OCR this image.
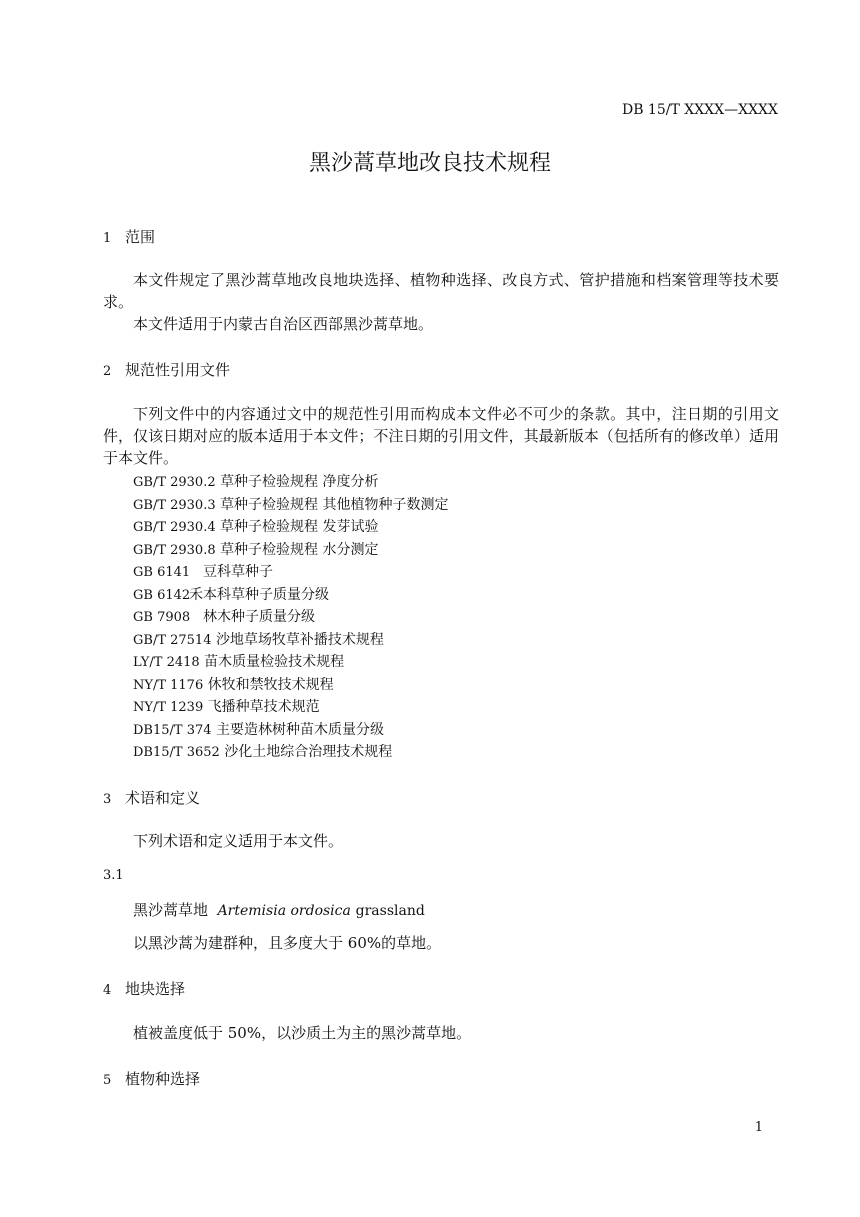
DB 15/T XXXX—XXXX
黑沙蒿草地改良技术规程
1 范围
本文件规定了黑沙蒿草地改良地块选择、植物种选择、改良方式、管护措施和档案管理等技术要求。
本文件适用于内蒙古自治区西部黑沙蒿草地。
2 规范性引用文件
下列文件中的内容通过文中的规范性引用而构成本文件必不可少的条款。其中，注日期的引用文件，仅该日期对应的版本适用于本文件；不注日期的引用文件，其最新版本（包括所有的修改单）适用于本文件。
GB/T 2930.2 草种子检验规程 净度分析
GB/T 2930.3 草种子检验规程 其他植物种子数测定
GB/T 2930.4 草种子检验规程 发芽试验
GB/T 2930.8 草种子检验规程 水分测定
GB 6141 豆科草种子
GB 6142禾本科草种子质量分级
GB 7908 林木种子质量分级
GB/T 27514 沙地草场牧草补播技术规程
LY/T 2418 苗木质量检验技术规程
NY/T 1176 休牧和禁牧技术规程
NY/T 1239 飞播种草技术规范
DB15/T 374 主要造林树种苗木质量分级
DB15/T 3652 沙化土地综合治理技术规程
3 术语和定义
下列术语和定义适用于本文件。
3.1
黑沙蒿草地 Artemisia ordosica grassland
以黑沙蒿为建群种，且多度大于 60%的草地。
4 地块选择
植被盖度低于 50%，以沙质土为主的黑沙蒿草地。
5 植物种选择
1
